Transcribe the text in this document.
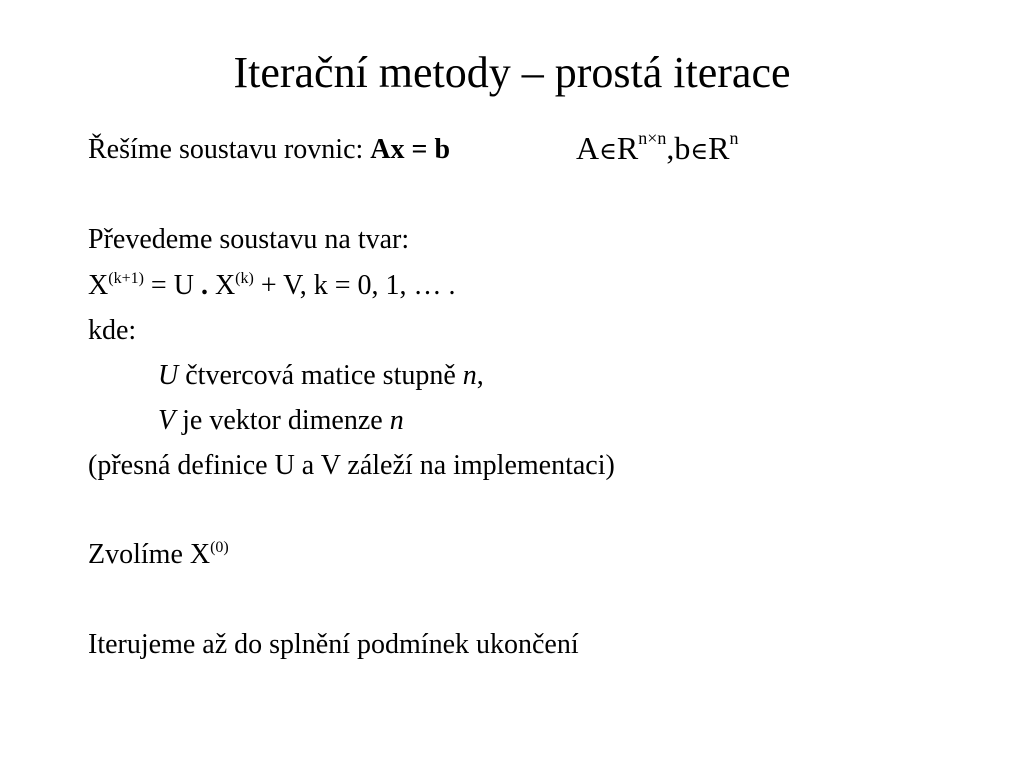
Iterační metody – prostá iterace
Řešíme soustavu rovnic: Ax = b	$A\in R^{n\times n},b\in R^n$
Převedeme soustavu na tvar:
$X^{(k+1)} = U$ . $X^{(k)} + V$, k = 0, 1, … .
kde:
U čtvercová matice stupně n,
V je vektor dimenze n
(přesná definice U a V záleží na implementaci)
Zvolíme $X^{(0)}$
Iterujeme až do splnění podmínek ukončení
